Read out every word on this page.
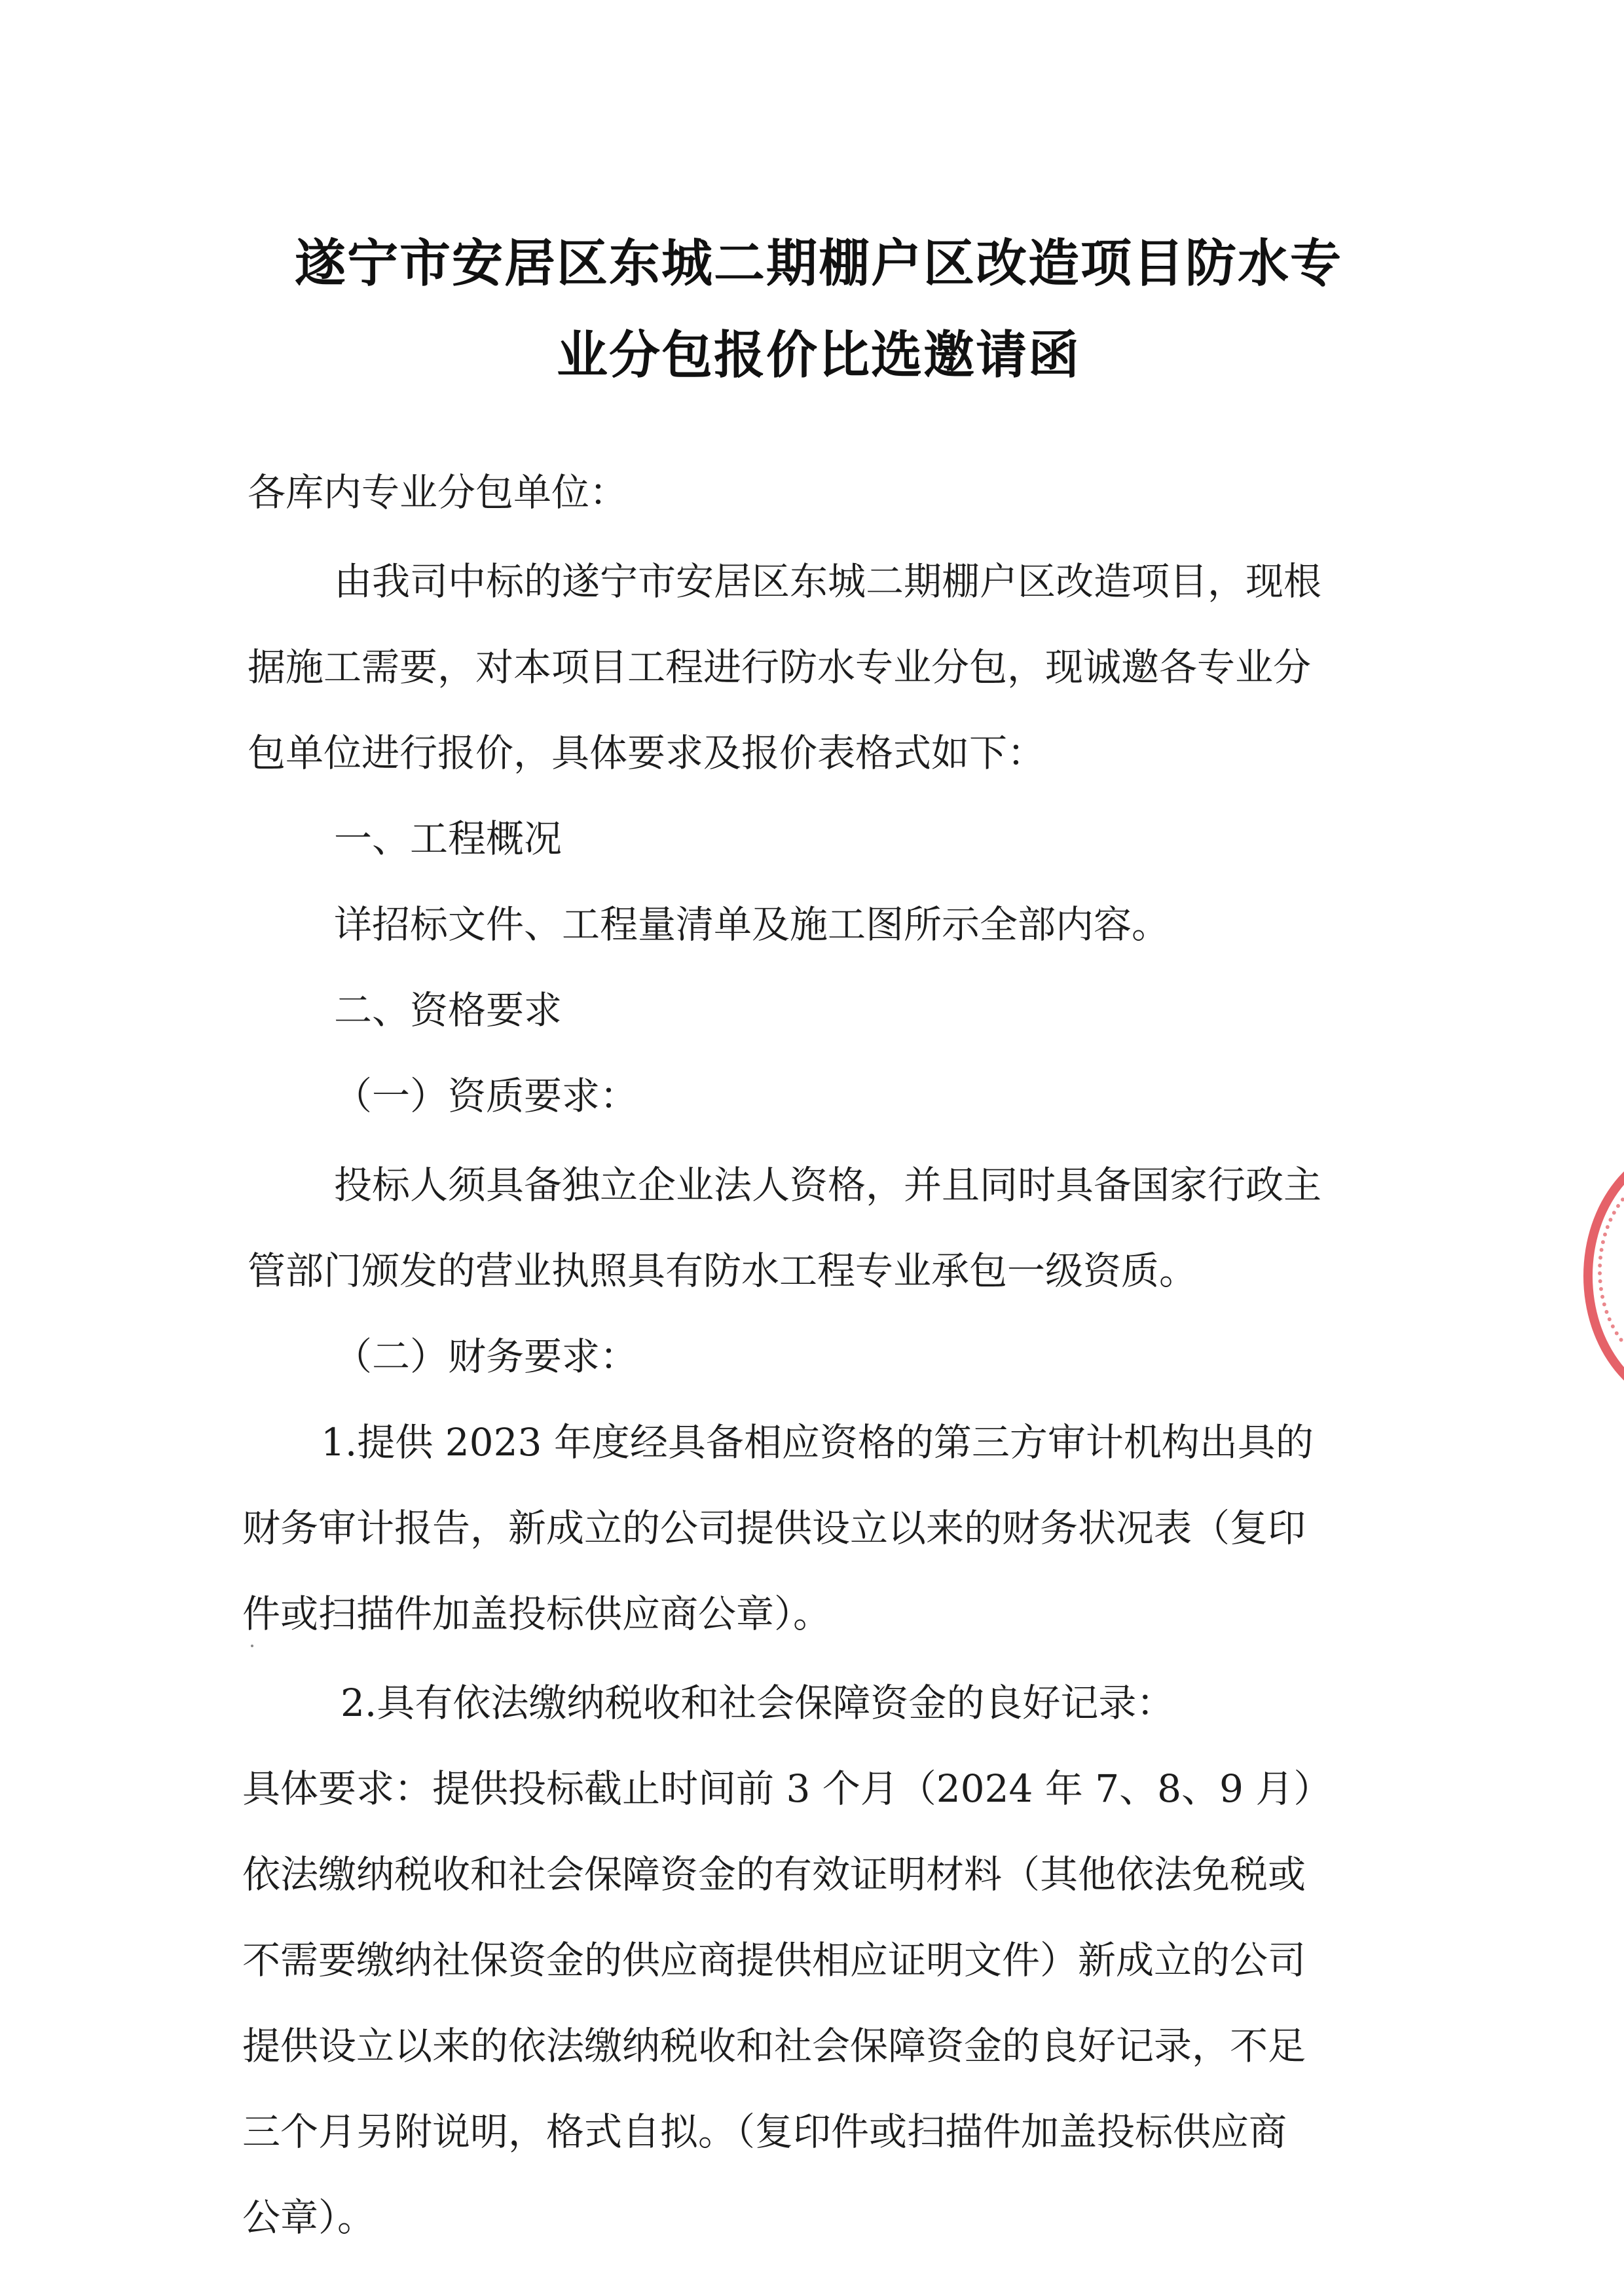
遂宁市安居区东城二期棚户区改造项目防水专
业分包报价比选邀请函
各库内专业分包单位：
由我司中标的遂宁市安居区东城二期棚户区改造项目，现根
据施工需要，对本项目工程进行防水专业分包，现诚邀各专业分
包单位进行报价，具体要求及报价表格式如下：
一、工程概况
详招标文件、工程量清单及施工图所示全部内容。
二、资格要求
（一）资质要求：
投标人须具备独立企业法人资格，并且同时具备国家行政主
管部门颁发的营业执照具有防水工程专业承包一级资质。
（二）财务要求：
1.提供 2023 年度经具备相应资格的第三方审计机构出具的
财务审计报告，新成立的公司提供设立以来的财务状况表（复印
件或扫描件加盖投标供应商公章）。
2.具有依法缴纳税收和社会保障资金的良好记录：
具体要求：提供投标截止时间前 3 个月（2024 年 7、8、9 月）
依法缴纳税收和社会保障资金的有效证明材料（其他依法免税或
不需要缴纳社保资金的供应商提供相应证明文件）新成立的公司
提供设立以来的依法缴纳税收和社会保障资金的良好记录，不足
三个月另附说明，格式自拟。（复印件或扫描件加盖投标供应商
公章）。
